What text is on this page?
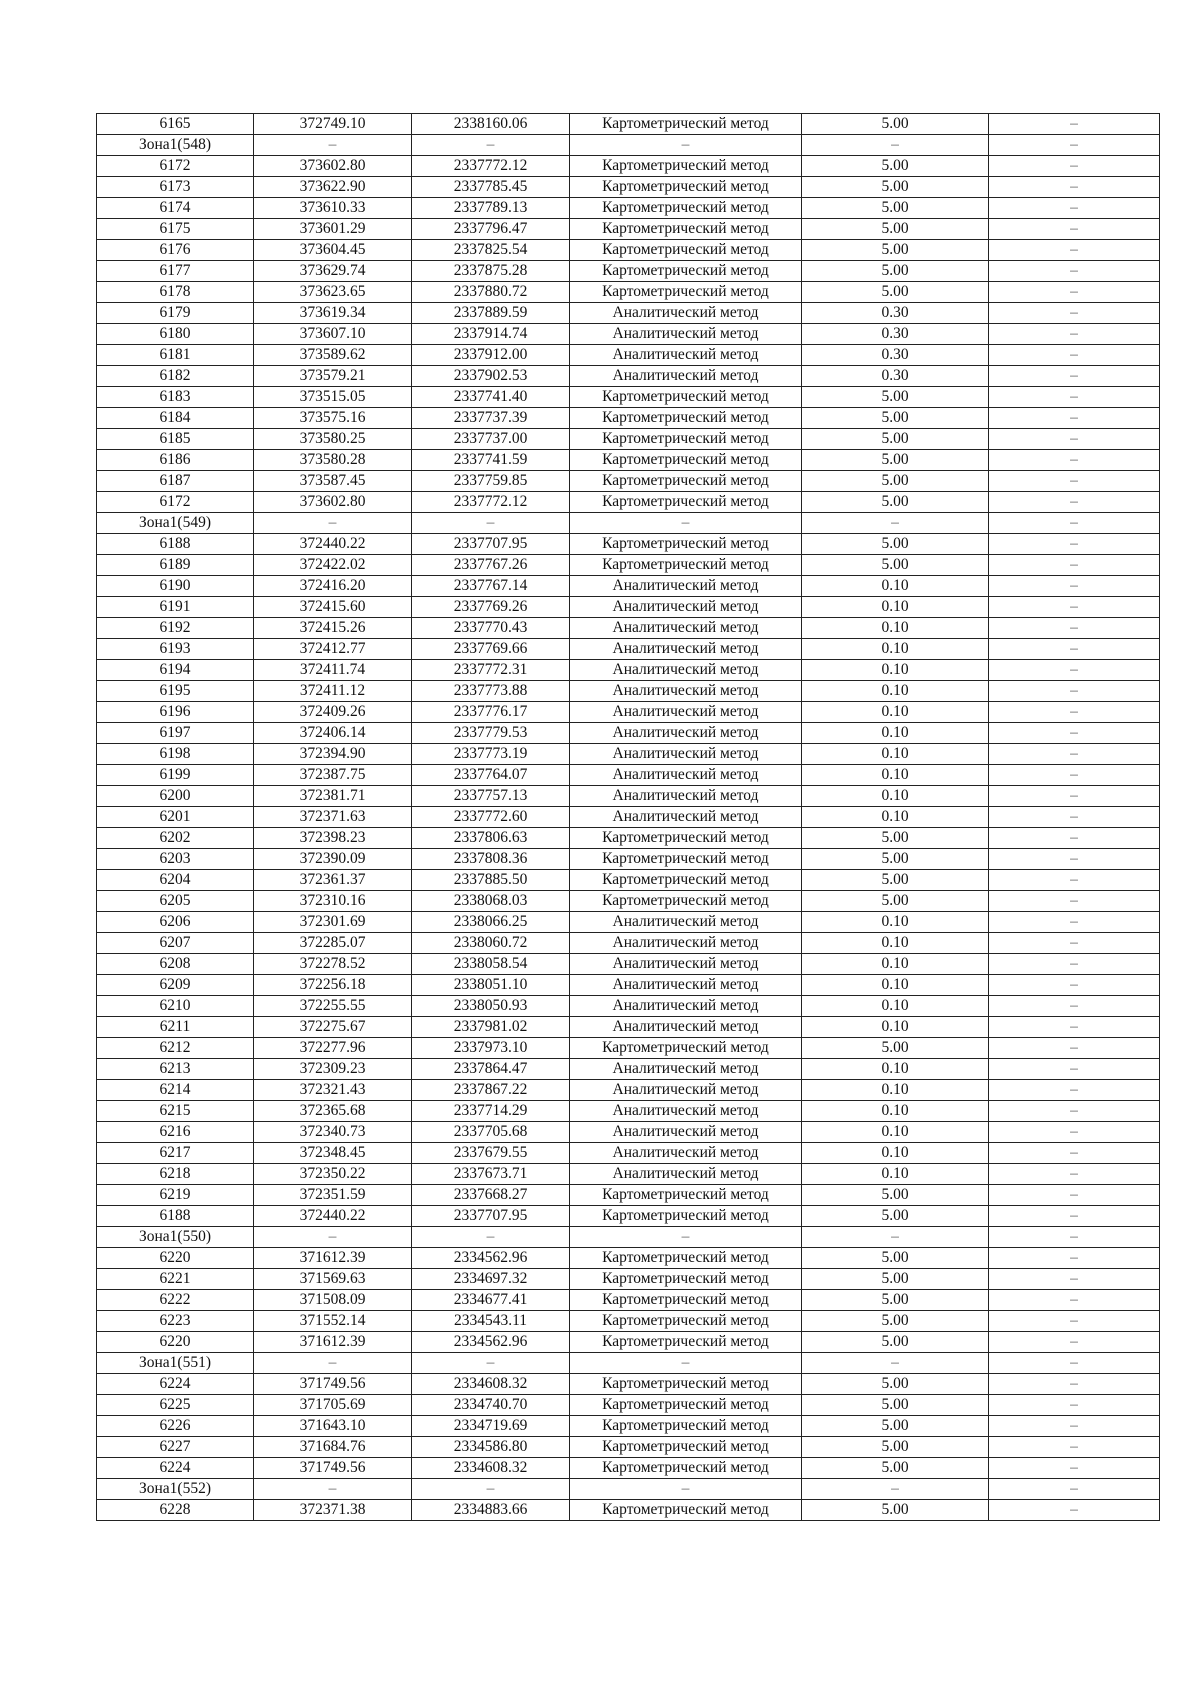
6165	372749.10	2338160.06	Картометрический метод	5.00	–
Зона1(548)	–	–	–	–	–
6172	373602.80	2337772.12	Картометрический метод	5.00	–
6173	373622.90	2337785.45	Картометрический метод	5.00	–
6174	373610.33	2337789.13	Картометрический метод	5.00	–
6175	373601.29	2337796.47	Картометрический метод	5.00	–
6176	373604.45	2337825.54	Картометрический метод	5.00	–
6177	373629.74	2337875.28	Картометрический метод	5.00	–
6178	373623.65	2337880.72	Картометрический метод	5.00	–
6179	373619.34	2337889.59	Аналитический метод	0.30	–
6180	373607.10	2337914.74	Аналитический метод	0.30	–
6181	373589.62	2337912.00	Аналитический метод	0.30	–
6182	373579.21	2337902.53	Аналитический метод	0.30	–
6183	373515.05	2337741.40	Картометрический метод	5.00	–
6184	373575.16	2337737.39	Картометрический метод	5.00	–
6185	373580.25	2337737.00	Картометрический метод	5.00	–
6186	373580.28	2337741.59	Картометрический метод	5.00	–
6187	373587.45	2337759.85	Картометрический метод	5.00	–
6172	373602.80	2337772.12	Картометрический метод	5.00	–
Зона1(549)	–	–	–	–	–
6188	372440.22	2337707.95	Картометрический метод	5.00	–
6189	372422.02	2337767.26	Картометрический метод	5.00	–
6190	372416.20	2337767.14	Аналитический метод	0.10	–
6191	372415.60	2337769.26	Аналитический метод	0.10	–
6192	372415.26	2337770.43	Аналитический метод	0.10	–
6193	372412.77	2337769.66	Аналитический метод	0.10	–
6194	372411.74	2337772.31	Аналитический метод	0.10	–
6195	372411.12	2337773.88	Аналитический метод	0.10	–
6196	372409.26	2337776.17	Аналитический метод	0.10	–
6197	372406.14	2337779.53	Аналитический метод	0.10	–
6198	372394.90	2337773.19	Аналитический метод	0.10	–
6199	372387.75	2337764.07	Аналитический метод	0.10	–
6200	372381.71	2337757.13	Аналитический метод	0.10	–
6201	372371.63	2337772.60	Аналитический метод	0.10	–
6202	372398.23	2337806.63	Картометрический метод	5.00	–
6203	372390.09	2337808.36	Картометрический метод	5.00	–
6204	372361.37	2337885.50	Картометрический метод	5.00	–
6205	372310.16	2338068.03	Картометрический метод	5.00	–
6206	372301.69	2338066.25	Аналитический метод	0.10	–
6207	372285.07	2338060.72	Аналитический метод	0.10	–
6208	372278.52	2338058.54	Аналитический метод	0.10	–
6209	372256.18	2338051.10	Аналитический метод	0.10	–
6210	372255.55	2338050.93	Аналитический метод	0.10	–
6211	372275.67	2337981.02	Аналитический метод	0.10	–
6212	372277.96	2337973.10	Картометрический метод	5.00	–
6213	372309.23	2337864.47	Аналитический метод	0.10	–
6214	372321.43	2337867.22	Аналитический метод	0.10	–
6215	372365.68	2337714.29	Аналитический метод	0.10	–
6216	372340.73	2337705.68	Аналитический метод	0.10	–
6217	372348.45	2337679.55	Аналитический метод	0.10	–
6218	372350.22	2337673.71	Аналитический метод	0.10	–
6219	372351.59	2337668.27	Картометрический метод	5.00	–
6188	372440.22	2337707.95	Картометрический метод	5.00	–
Зона1(550)	–	–	–	–	–
6220	371612.39	2334562.96	Картометрический метод	5.00	–
6221	371569.63	2334697.32	Картометрический метод	5.00	–
6222	371508.09	2334677.41	Картометрический метод	5.00	–
6223	371552.14	2334543.11	Картометрический метод	5.00	–
6220	371612.39	2334562.96	Картометрический метод	5.00	–
Зона1(551)	–	–	–	–	–
6224	371749.56	2334608.32	Картометрический метод	5.00	–
6225	371705.69	2334740.70	Картометрический метод	5.00	–
6226	371643.10	2334719.69	Картометрический метод	5.00	–
6227	371684.76	2334586.80	Картометрический метод	5.00	–
6224	371749.56	2334608.32	Картометрический метод	5.00	–
Зона1(552)	–	–	–	–	–
6228	372371.38	2334883.66	Картометрический метод	5.00	–
